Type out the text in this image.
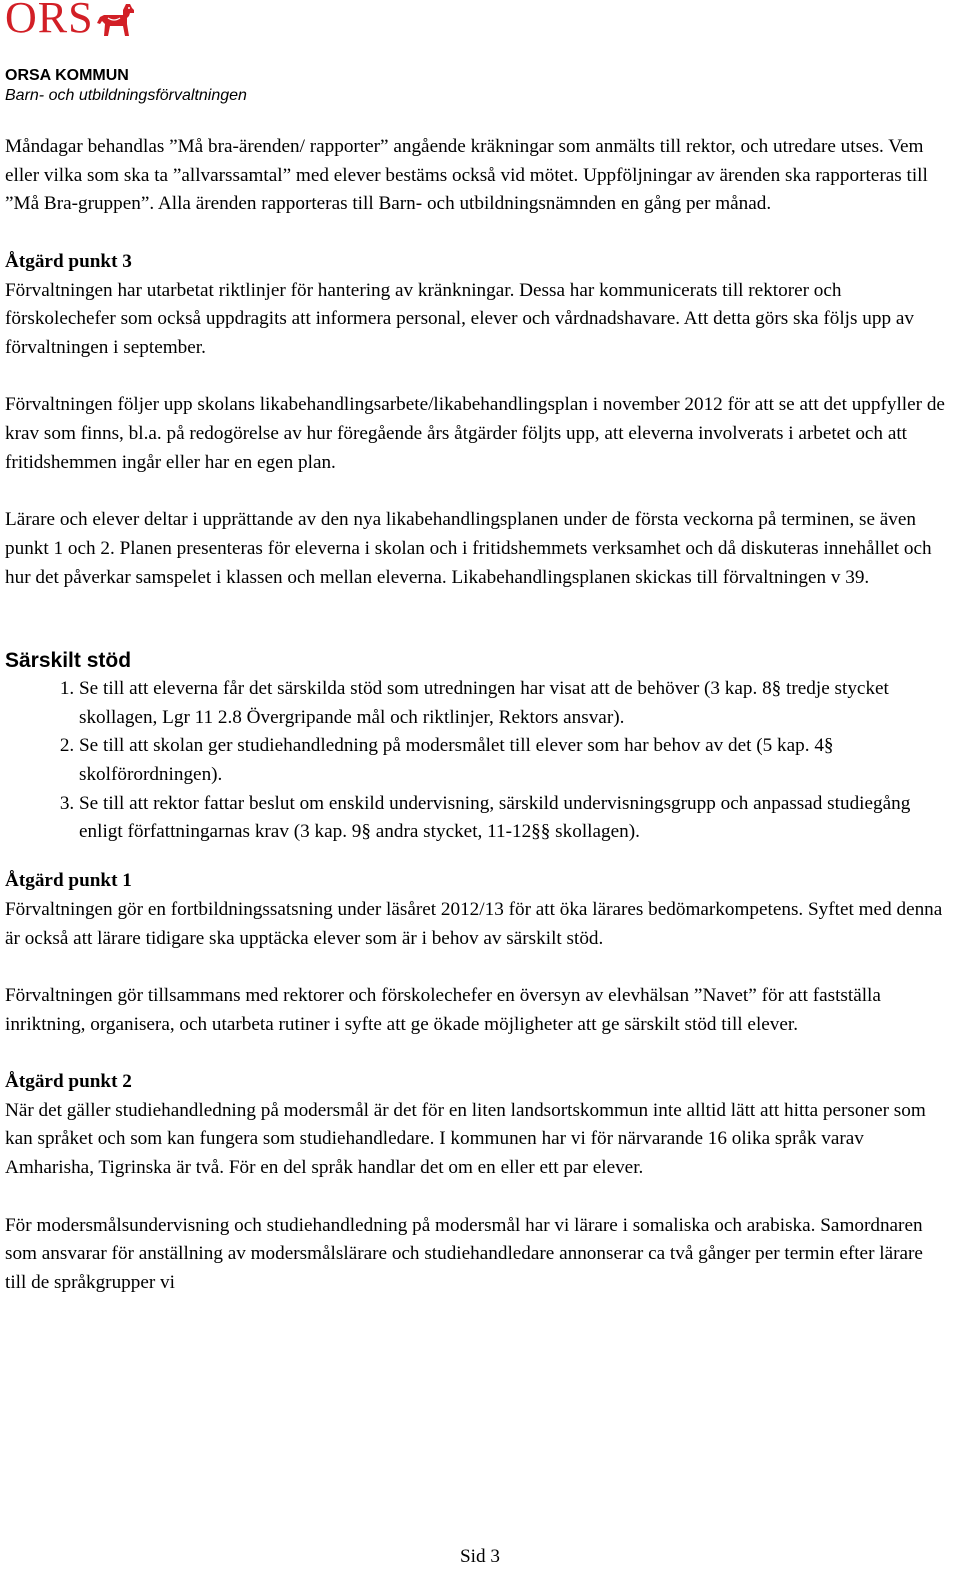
ORS
ORSA KOMMUN
Barn- och utbildningsförvaltningen

Måndagar behandlas ”Må bra-ärenden/ rapporter” angående kräkningar som anmälts till rektor, och utredare utses. Vem eller vilka som ska ta ”allvarssamtal” med elever bestäms också vid mötet. Uppföljningar av ärenden ska rapporteras till ”Må Bra-gruppen”. Alla ärenden rapporteras till Barn- och utbildningsnämnden en gång per månad.

Åtgärd punkt 3

Förvaltningen har utarbetat riktlinjer för hantering av kränkningar. Dessa har kommunicerats till rektorer och förskolechefer som också uppdragits att informera personal, elever och vårdnadshavare. Att detta görs ska följs upp av förvaltningen i september.

Förvaltningen följer upp skolans likabehandlingsarbete/likabehandlingsplan i november 2012 för att se att det uppfyller de krav som finns, bl.a. på redogörelse av hur föregående års åtgärder följts upp, att eleverna involverats i arbetet och att fritidshemmen ingår eller har en egen plan.

Lärare och elever deltar i upprättande av den nya likabehandlingsplanen under de första veckorna på terminen, se även punkt 1 och 2. Planen presenteras för eleverna i skolan och i fritidshemmets verksamhet och då diskuteras innehållet och hur det påverkar samspelet i klassen och mellan eleverna. Likabehandlingsplanen skickas till förvaltningen v 39.

Särskilt stöd

1. Se till att eleverna får det särskilda stöd som utredningen har visat att de behöver (3 kap. 8§ tredje stycket skollagen, Lgr 11 2.8 Övergripande mål och riktlinjer, Rektors ansvar).
2. Se till att skolan ger studiehandledning på modersmålet till elever som har behov av det (5 kap. 4§ skolförordningen).
3. Se till att rektor fattar beslut om enskild undervisning, särskild undervisningsgrupp och anpassad studiegång enligt författningarnas krav (3 kap. 9§ andra stycket, 11-12§§ skollagen).

Åtgärd punkt 1

Förvaltningen gör en fortbildningssatsning under läsåret 2012/13 för att öka lärares bedömarkompetens. Syftet med denna är också att lärare tidigare ska upptäcka elever som är i behov av särskilt stöd.

Förvaltningen gör tillsammans med rektorer och förskolechefer en översyn av elevhälsan ”Navet” för att fastställa inriktning, organisera, och utarbeta rutiner i syfte att ge ökade möjligheter att ge särskilt stöd till elever.

Åtgärd punkt 2

När det gäller studiehandledning på modersmål är det för en liten landsortskommun inte alltid lätt att hitta personer som kan språket och som kan fungera som studiehandledare. I kommunen har vi för närvarande 16 olika språk varav Amharisha, Tigrinska är två. För en del språk handlar det om en eller ett par elever.

För modersmålsundervisning och studiehandledning på modersmål har vi lärare i somaliska och arabiska. Samordnaren som ansvarar för anställning av modersmålslärare och studiehandledare annonserar ca två gånger per termin efter lärare till de språkgrupper vi

Sid 3
